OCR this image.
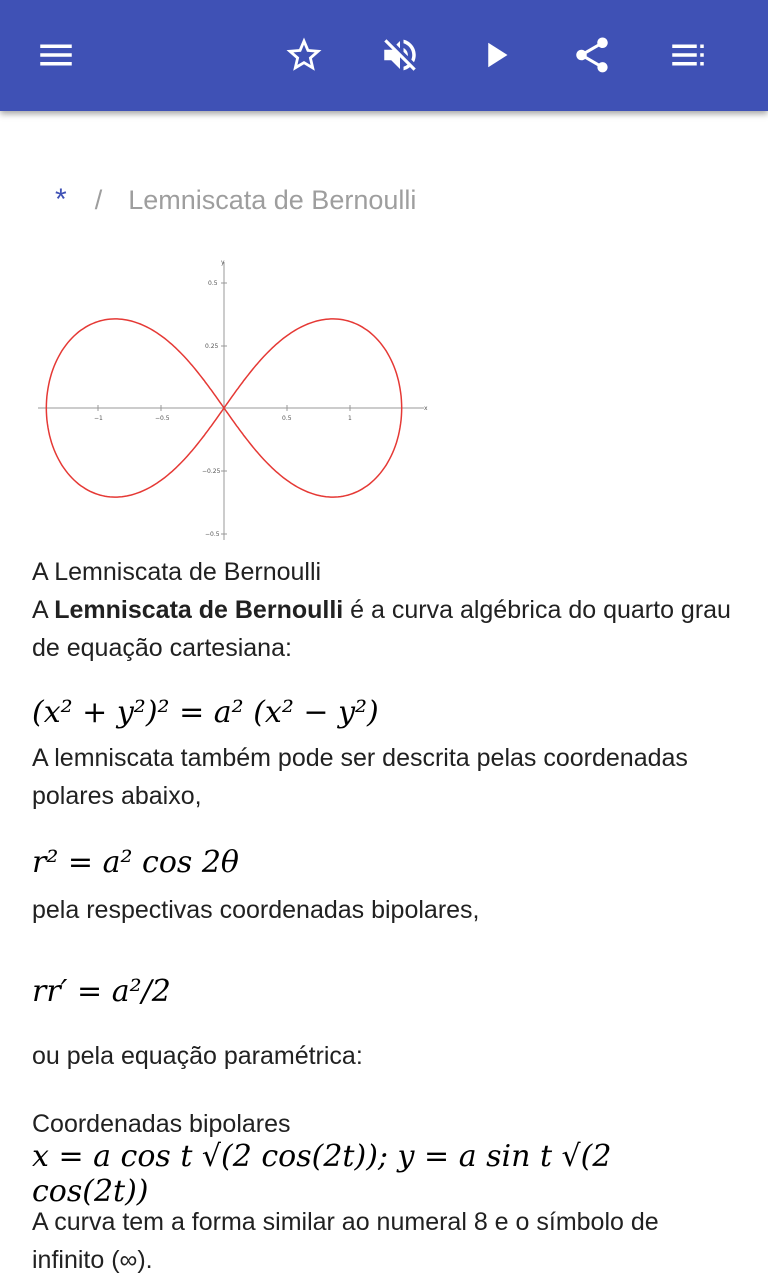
* / Lemniscata de Bernoulli
x
y
−1	−0.5	0.5	1
0.5
0.25
−0.25
−0.5

A Lemniscata de Bernoulli

A Lemniscata de Bernoulli é a curva algébrica do quarto grau de equação cartesiana:

(x² + y²)² = a² (x² − y²)

A lemniscata também pode ser descrita pelas coordenadas polares abaixo,

r² = a² cos 2θ

pela respectivas coordenadas bipolares,

rr′ = a²/2

ou pela equação paramétrica:

Coordenadas bipolares

x = a cos t √(2 cos(2t)); y = a sin t √(2 cos(2t))

A curva tem a forma similar ao numeral 8 e o símbolo de infinito (∞).
